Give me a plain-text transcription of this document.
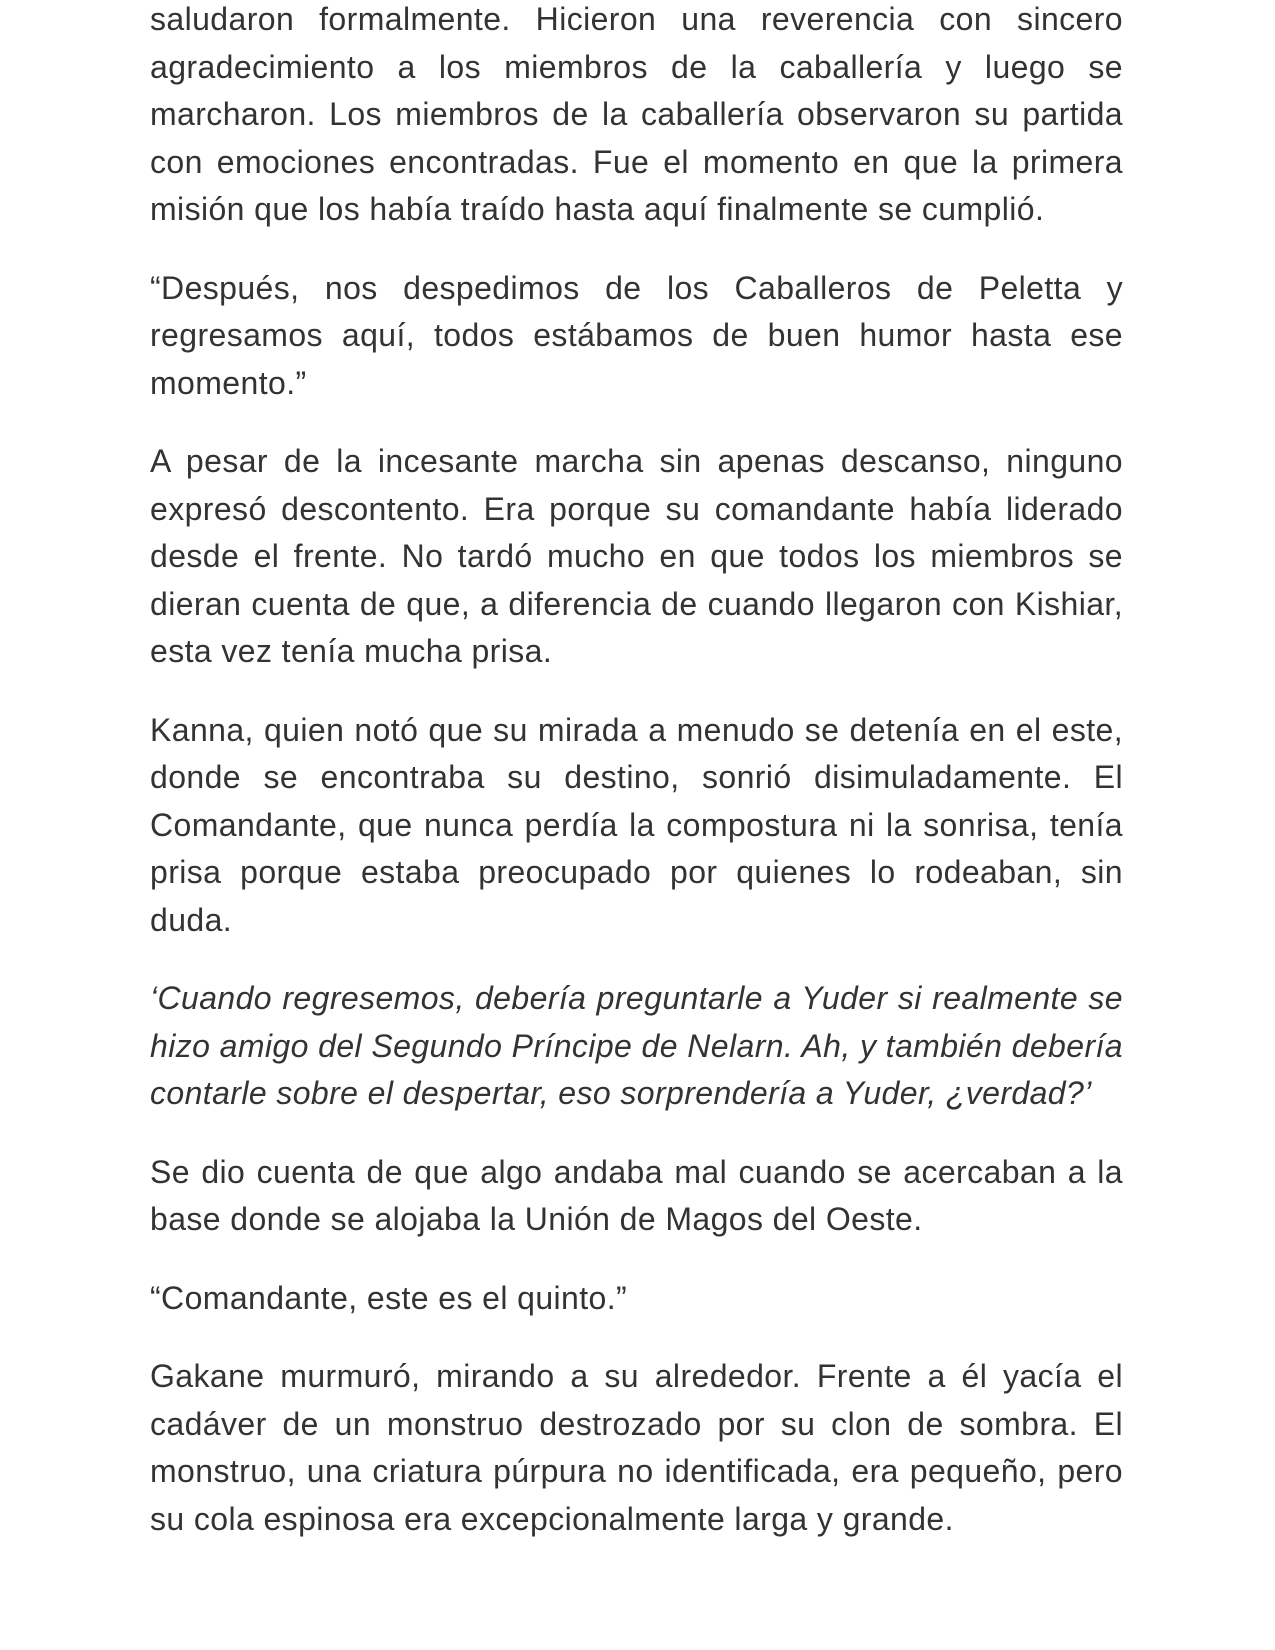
saludaron formalmente. Hicieron una reverencia con sincero agradecimiento a los miembros de la caballería y luego se marcharon. Los miembros de la caballería observaron su partida con emociones encontradas. Fue el momento en que la primera misión que los había traído hasta aquí finalmente se cumplió.

“Después, nos despedimos de los Caballeros de Peletta y regresamos aquí, todos estábamos de buen humor hasta ese momento.”

A pesar de la incesante marcha sin apenas descanso, ninguno expresó descontento. Era porque su comandante había liderado desde el frente. No tardó mucho en que todos los miembros se dieran cuenta de que, a diferencia de cuando llegaron con Kishiar, esta vez tenía mucha prisa.

Kanna, quien notó que su mirada a menudo se detenía en el este, donde se encontraba su destino, sonrió disimuladamente. El Comandante, que nunca perdía la compostura ni la sonrisa, tenía prisa porque estaba preocupado por quienes lo rodeaban, sin duda.

‘Cuando regresemos, debería preguntarle a Yuder si realmente se hizo amigo del Segundo Príncipe de Nelarn. Ah, y también debería contarle sobre el despertar, eso sorprendería a Yuder, ¿verdad?’

Se dio cuenta de que algo andaba mal cuando se acercaban a la base donde se alojaba la Unión de Magos del Oeste.

“Comandante, este es el quinto.”

Gakane murmuró, mirando a su alrededor. Frente a él yacía el cadáver de un monstruo destrozado por su clon de sombra. El monstruo, una criatura púrpura no identificada, era pequeño, pero su cola espinosa era excepcionalmente larga y grande.
